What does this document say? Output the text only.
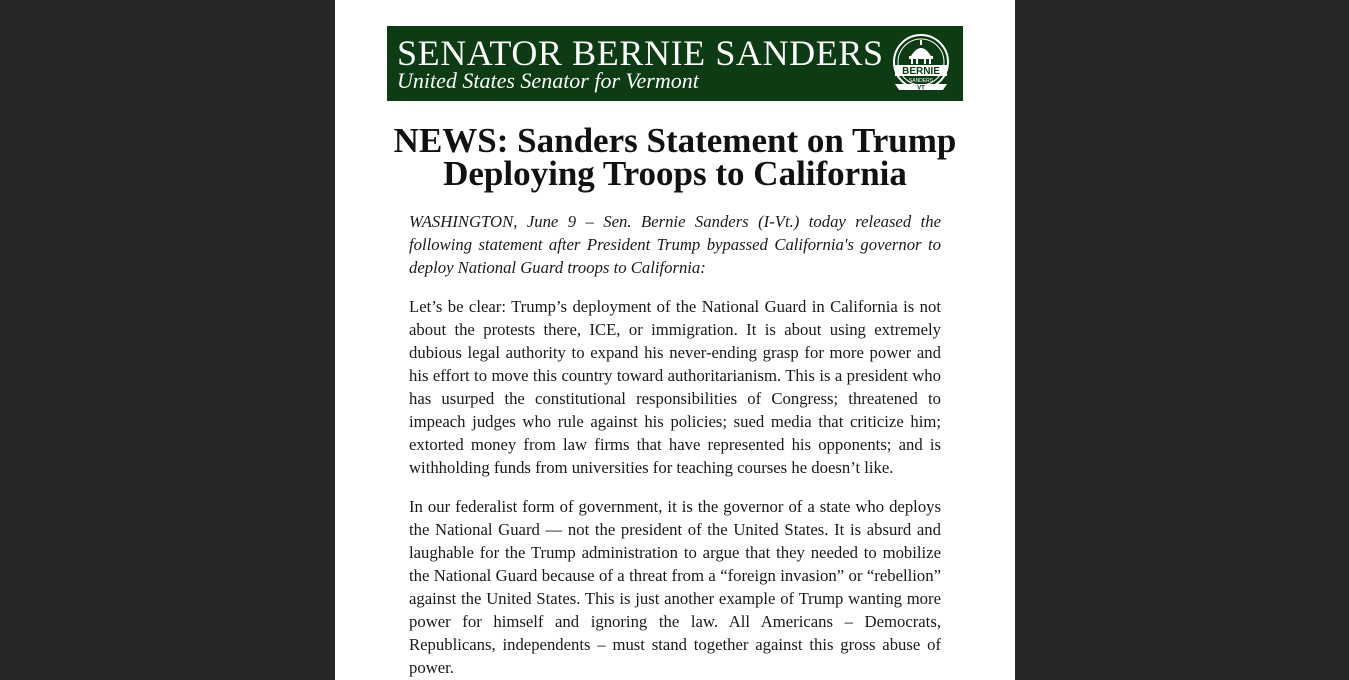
SENATOR BERNIE SANDERS
United States Senator for Vermont	BERNIE
SANDERS
VT
NEWS: Sanders Statement on Trump Deploying Troops to California

WASHINGTON, June 9 – Sen. Bernie Sanders (I-Vt.) today released the following statement after President Trump bypassed California's governor to deploy National Guard troops to California:

Let’s be clear: Trump’s deployment of the National Guard in California is not about the protests there, ICE, or immigration. It is about using extremely dubious legal authority to expand his never-ending grasp for more power and his effort to move this country toward authoritarianism. This is a president who has usurped the constitutional responsibilities of Congress; threatened to impeach judges who rule against his policies; sued media that criticize him; extorted money from law firms that have represented his opponents; and is withholding funds from universities for teaching courses he doesn’t like.

In our federalist form of government, it is the governor of a state who deploys the National Guard — not the president of the United States. It is absurd and laughable for the Trump administration to argue that they needed to mobilize the National Guard because of a threat from a “foreign invasion” or “rebellion” against the United States. This is just another example of Trump wanting more power for himself and ignoring the law. All Americans – Democrats, Republicans, independents – must stand together against this gross abuse of power.
